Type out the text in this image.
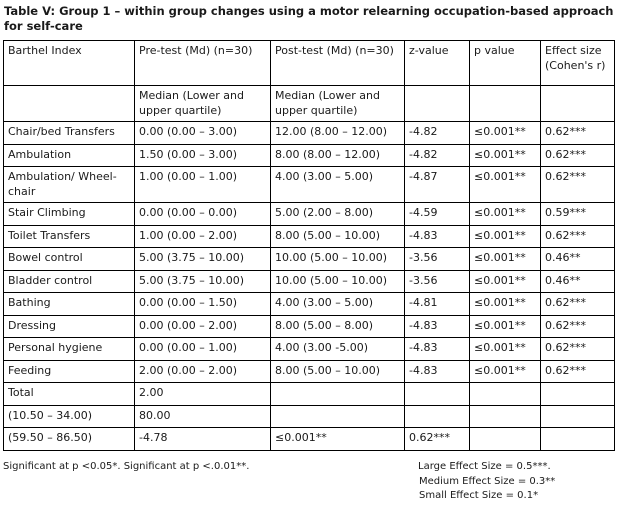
Table V: Group 1 – within group changes using a motor relearning occupation-based approach for self-care
Barthel Index	Pre-test (Md) (n=30)	Post-test (Md) (n=30)	z-value	p value	Effect size (Cohen's r)
	Median (Lower and upper quartile)	Median (Lower and upper quartile)			
Chair/bed Transfers	0.00 (0.00 – 3.00)	12.00 (8.00 – 12.00)	-4.82	≤0.001**	0.62***
Ambulation	1.50 (0.00 – 3.00)	8.00 (8.00 – 12.00)	-4.82	≤0.001**	0.62***
Ambulation/ Wheel-chair	1.00 (0.00 – 1.00)	4.00 (3.00 – 5.00)	-4.87	≤0.001**	0.62***
Stair Climbing	0.00 (0.00 – 0.00)	5.00 (2.00 – 8.00)	-4.59	≤0.001**	0.59***
Toilet Transfers	1.00 (0.00 – 2.00)	8.00 (5.00 – 10.00)	-4.83	≤0.001**	0.62***
Bowel control	5.00 (3.75 – 10.00)	10.00 (5.00 – 10.00)	-3.56	≤0.001**	0.46**
Bladder control	5.00 (3.75 – 10.00)	10.00 (5.00 – 10.00)	-3.56	≤0.001**	0.46**
Bathing	0.00 (0.00 – 1.50)	4.00 (3.00 – 5.00)	-4.81	≤0.001**	0.62***
Dressing	0.00 (0.00 – 2.00)	8.00 (5.00 – 8.00)	-4.83	≤0.001**	0.62***
Personal hygiene	0.00 (0.00 – 1.00)	4.00 (3.00 -5.00)	-4.83	≤0.001**	0.62***
Feeding	2.00 (0.00 – 2.00)	8.00 (5.00 – 10.00)	-4.83	≤0.001**	0.62***
Total	2.00				
(10.50 – 34.00)	80.00				
(59.50 – 86.50)	-4.78	≤0.001**	0.62***		
Significant at p <0.05*. Significant at p <.0.01**.	Large Effect Size = 0.5***.
Medium Effect Size = 0.3**
Small Effect Size = 0.1*
